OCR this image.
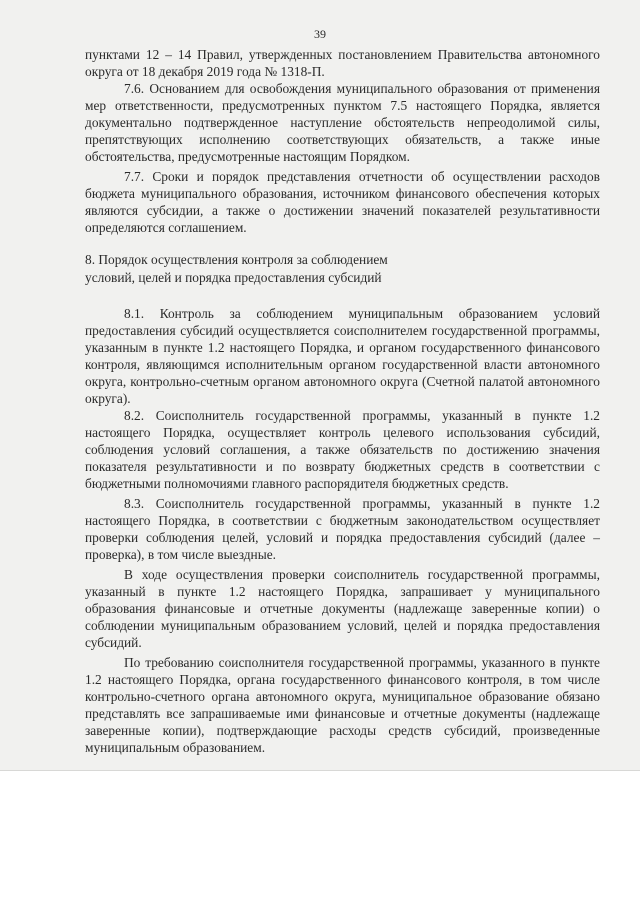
39

пунктами 12 – 14 Правил, утвержденных постановлением Правительства автономного округа от 18 декабря 2019 года № 1318-П.

7.6. Основанием для освобождения муниципального образования от применения мер ответственности, предусмотренных пунктом 7.5 настоящего Порядка, является документально подтвержденное наступление обстоятельств непреодолимой силы, препятствующих исполнению соответствующих обязательств, а также иные обстоятельства, предусмотренные настоящим Порядком.

7.7. Сроки и порядок представления отчетности об осуществлении расходов бюджета муниципального образования, источником финансового обеспечения которых являются субсидии, а также о достижении значений показателей результативности определяются соглашением.

8. Порядок осуществления контроля за соблюдением
условий, целей и порядка предоставления субсидий

8.1. Контроль за соблюдением муниципальным образованием условий предоставления субсидий осуществляется соисполнителем государственной программы, указанным в пункте 1.2 настоящего Порядка, и органом государственного финансового контроля, являющимся исполнительным органом государственной власти автономного округа, контрольно-счетным органом автономного округа (Счетной палатой автономного округа).

8.2. Соисполнитель государственной программы, указанный в пункте 1.2 настоящего Порядка, осуществляет контроль целевого использования субсидий, соблюдения условий соглашения, а также обязательств по достижению значения показателя результативности и по возврату бюджетных средств в соответствии с бюджетными полномочиями главного распорядителя бюджетных средств.

8.3. Соисполнитель государственной программы, указанный в пункте 1.2 настоящего Порядка, в соответствии с бюджетным законодательством осуществляет проверки соблюдения целей, условий и порядка предоставления субсидий (далее – проверка), в том числе выездные.

В ходе осуществления проверки соисполнитель государственной программы, указанный в пункте 1.2 настоящего Порядка, запрашивает у муниципального образования финансовые и отчетные документы (надлежаще заверенные копии) о соблюдении муниципальным образованием условий, целей и порядка предоставления субсидий.

По требованию соисполнителя государственной программы, указанного в пункте 1.2 настоящего Порядка, органа государственного финансового контроля, в том числе контрольно-счетного органа автономного округа, муниципальное образование обязано представлять все запрашиваемые ими финансовые и отчетные документы (надлежаще заверенные копии), подтверждающие расходы средств субсидий, произведенные муниципальным образованием.
